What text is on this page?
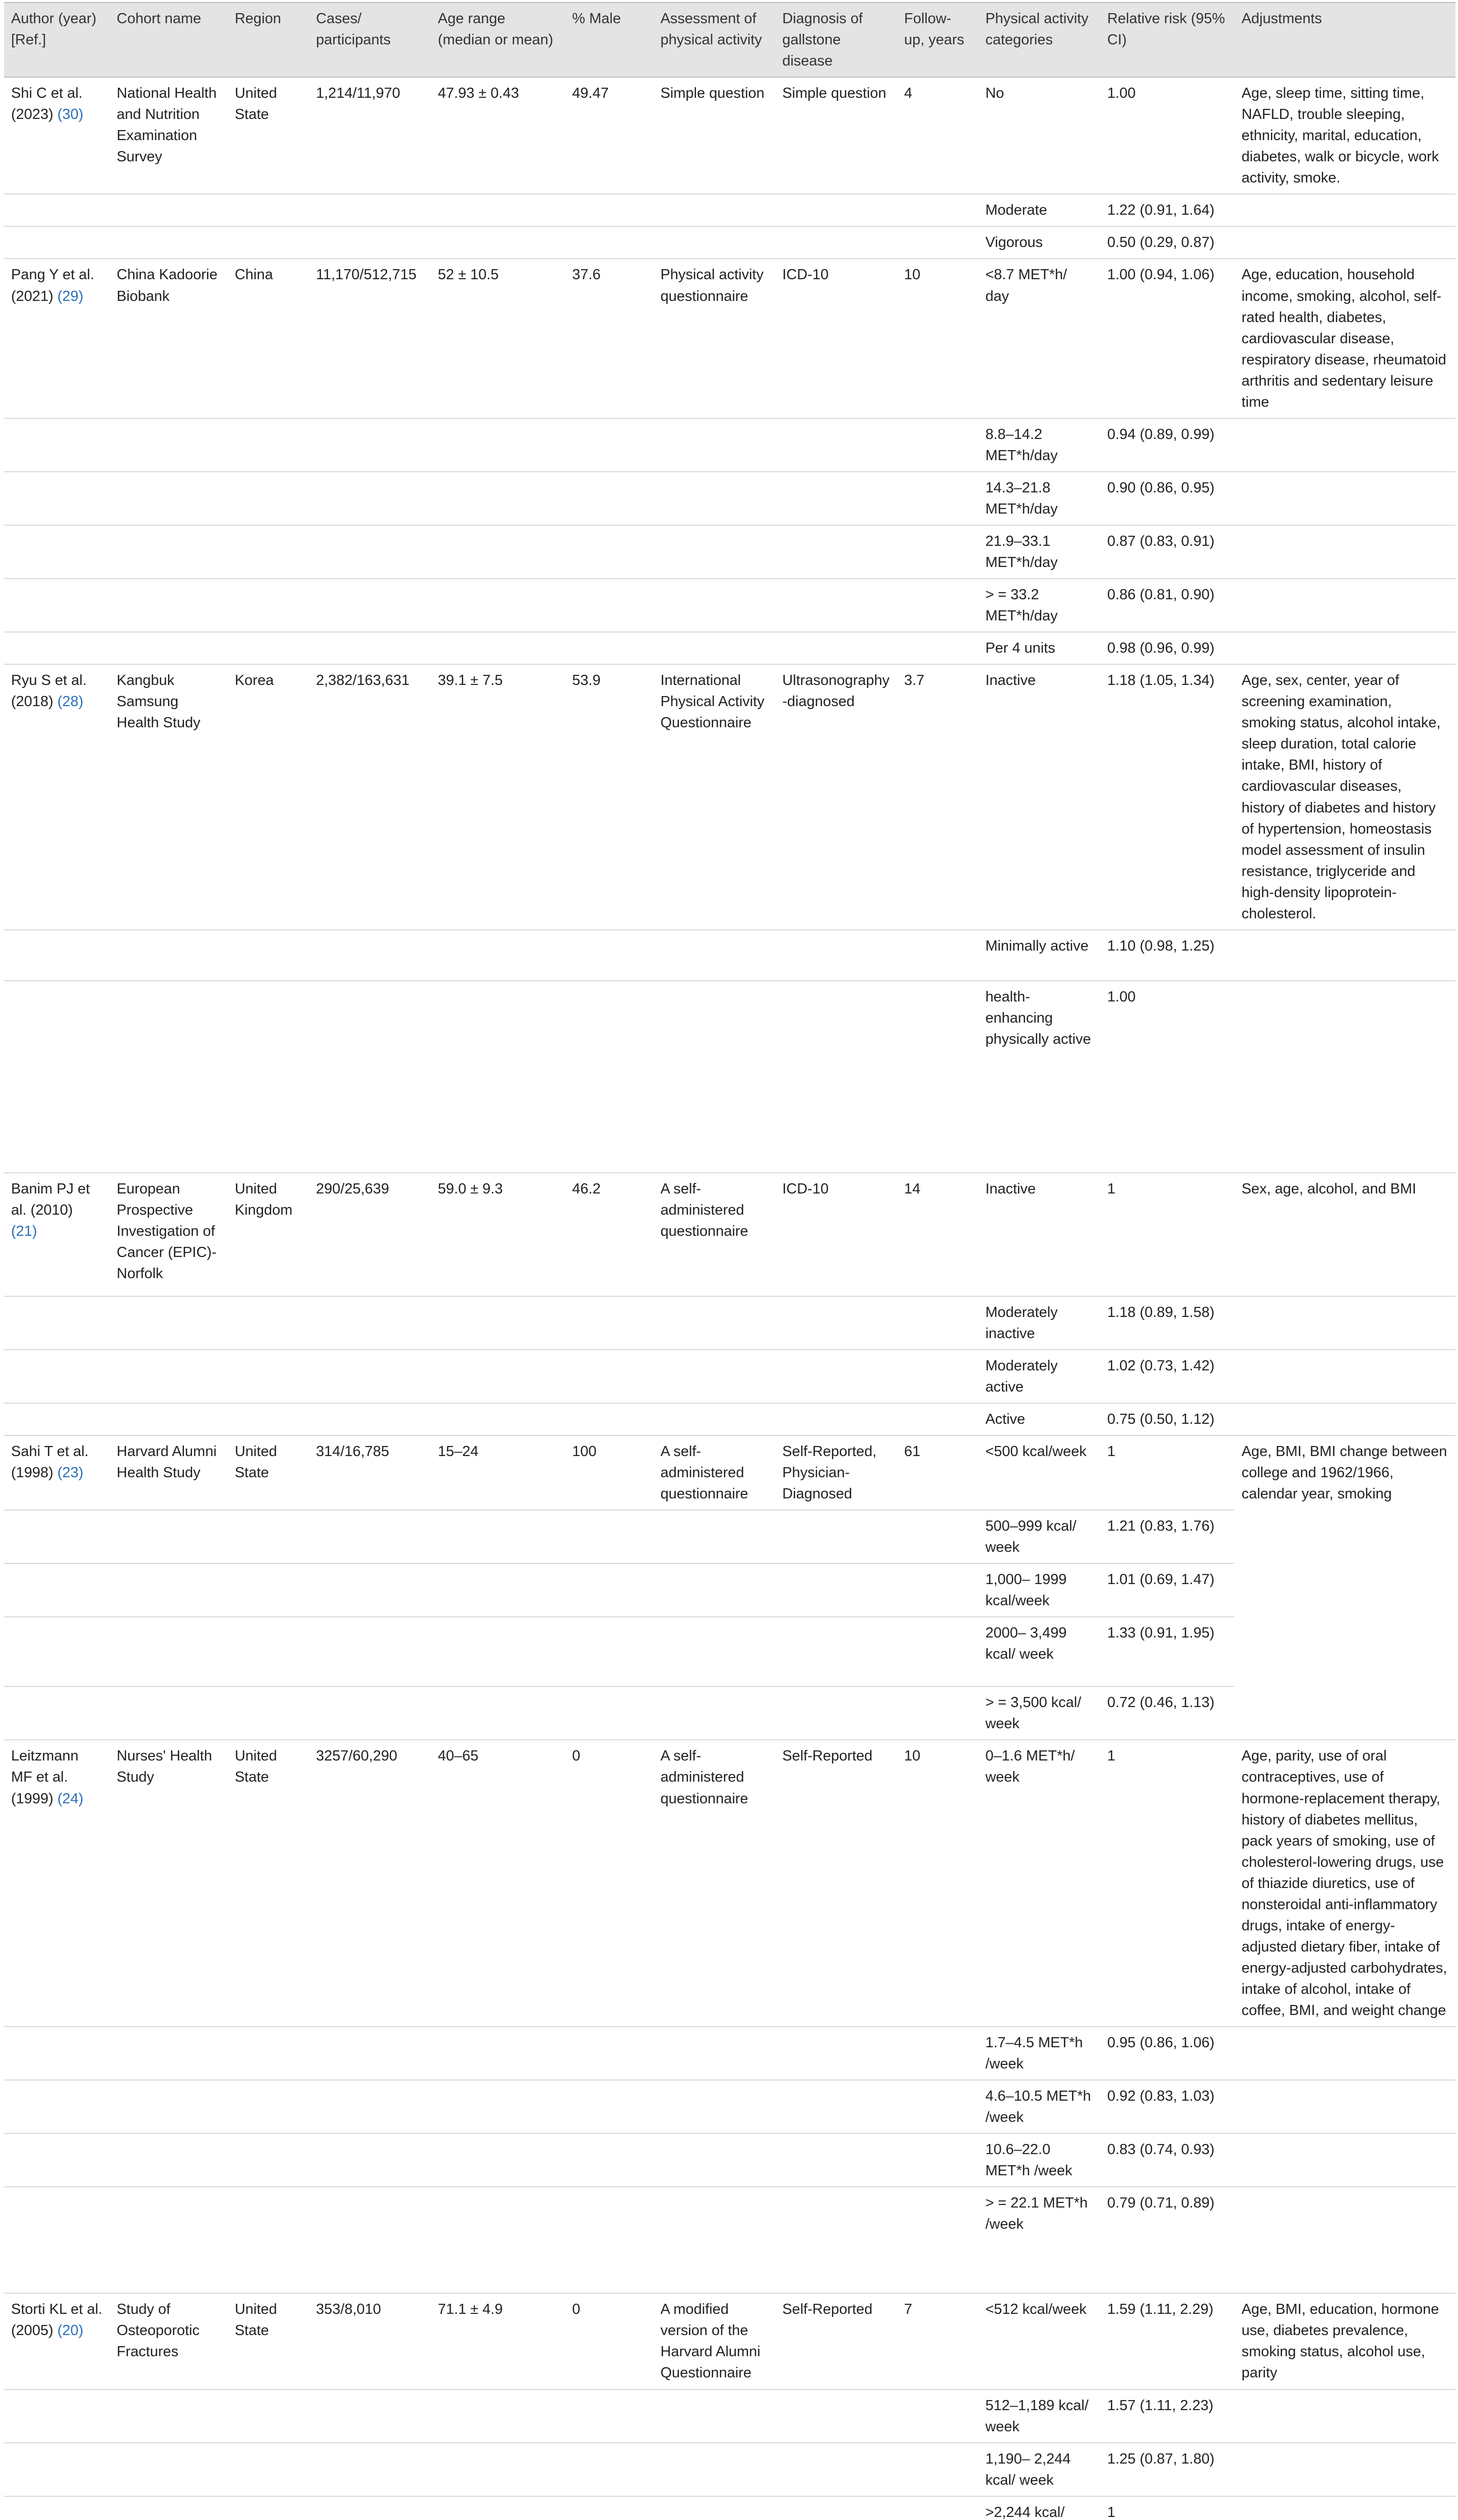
Author (year) [Ref.]	Cohort name	Region	Cases/ participants	Age range (median or mean)	% Male	Assessment of physical activity	Diagnosis of gallstone disease	Follow-up, years	Physical activity categories	Relative risk (95% CI)	Adjustments
Shi C et al. (2023) (30)	National Health and Nutrition Examination Survey	United State	1,214/11,970	47.93 ± 0.43	49.47	Simple question	Simple question	4	No	1.00	Age, sleep time, sitting time, NAFLD, trouble sleeping, ethnicity, marital, education, diabetes, walk or bicycle, work activity, smoke.
									Moderate	1.22 (0.91, 1.64)	
									Vigorous	0.50 (0.29, 0.87)	
Pang Y et al. (2021) (29)	China Kadoorie Biobank	China	11,170/512,715	52 ± 10.5	37.6	Physical activity questionnaire	ICD-10	10	<8.7 MET*h/ day	1.00 (0.94, 1.06)	Age, education, household income, smoking, alcohol, self-rated health, diabetes, cardiovascular disease, respiratory disease, rheumatoid arthritis and sedentary leisure time
									8.8–14.2 MET*h/day	0.94 (0.89, 0.99)	
									14.3–21.8 MET*h/day	0.90 (0.86, 0.95)	
									21.9–33.1 MET*h/day	0.87 (0.83, 0.91)	
									> = 33.2 MET*h/day	0.86 (0.81, 0.90)	
									Per 4 units	0.98 (0.96, 0.99)	
Ryu S et al. (2018) (28)	Kangbuk Samsung Health Study	Korea	2,382/163,631	39.1 ± 7.5	53.9	International Physical Activity Questionnaire	Ultrasonography-diagnosed	3.7	Inactive	1.18 (1.05, 1.34)	Age, sex, center, year of screening examination, smoking status, alcohol intake, sleep duration, total calorie intake, BMI, history of cardiovascular diseases, history of diabetes and history of hypertension, homeostasis model assessment of insulin resistance, triglyceride and high-density lipoprotein-cholesterol.
									Minimally active	1.10 (0.98, 1.25)	
									health-enhancing physically active	1.00	
Banim PJ et al. (2010) (21)	European Prospective Investigation of Cancer (EPIC)-Norfolk	United Kingdom	290/25,639	59.0 ± 9.3	46.2	A self-administered questionnaire	ICD-10	14	Inactive	1	Sex, age, alcohol, and BMI
									Moderately inactive	1.18 (0.89, 1.58)	
									Moderately active	1.02 (0.73, 1.42)	
									Active	0.75 (0.50, 1.12)	
Sahi T et al. (1998) (23)	Harvard Alumni Health Study	United State	314/16,785	15–24	100	A self-administered questionnaire	Self-Reported, Physician-Diagnosed	61	<500 kcal/week	1	Age, BMI, BMI change between college and 1962/1966, calendar year, smoking
									500–999 kcal/ week	1.21 (0.83, 1.76)	
									1,000– 1999 kcal/week	1.01 (0.69, 1.47)	
									2000– 3,499 kcal/ week	1.33 (0.91, 1.95)	
									> = 3,500 kcal/ week	0.72 (0.46, 1.13)	
Leitzmann MF et al. (1999) (24)	Nurses' Health Study	United State	3257/60,290	40–65	0	A self-administered questionnaire	Self-Reported	10	0–1.6 MET*h/ week	1	Age, parity, use of oral contraceptives, use of hormone-replacement therapy, history of diabetes mellitus, pack years of smoking, use of cholesterol-lowering drugs, use of thiazide diuretics, use of nonsteroidal anti-inflammatory drugs, intake of energy-adjusted dietary fiber, intake of energy-adjusted carbohydrates, intake of alcohol, intake of coffee, BMI, and weight change
									1.7–4.5 MET*h /week	0.95 (0.86, 1.06)	
									4.6–10.5 MET*h /week	0.92 (0.83, 1.03)	
									10.6–22.0 MET*h /week	0.83 (0.74, 0.93)	
									> = 22.1 MET*h /week	0.79 (0.71, 0.89)	
Storti KL et al. (2005) (20)	Study of Osteoporotic Fractures	United State	353/8,010	71.1 ± 4.9	0	A modified version of the Harvard Alumni Questionnaire	Self-Reported	7	<512 kcal/week	1.59 (1.11, 2.29)	Age, BMI, education, hormone use, diabetes prevalence, smoking status, alcohol use, parity
									512–1,189 kcal/ week	1.57 (1.11, 2.23)	
									1,190– 2,244 kcal/ week	1.25 (0.87, 1.80)	
									>2,244 kcal/	1	
